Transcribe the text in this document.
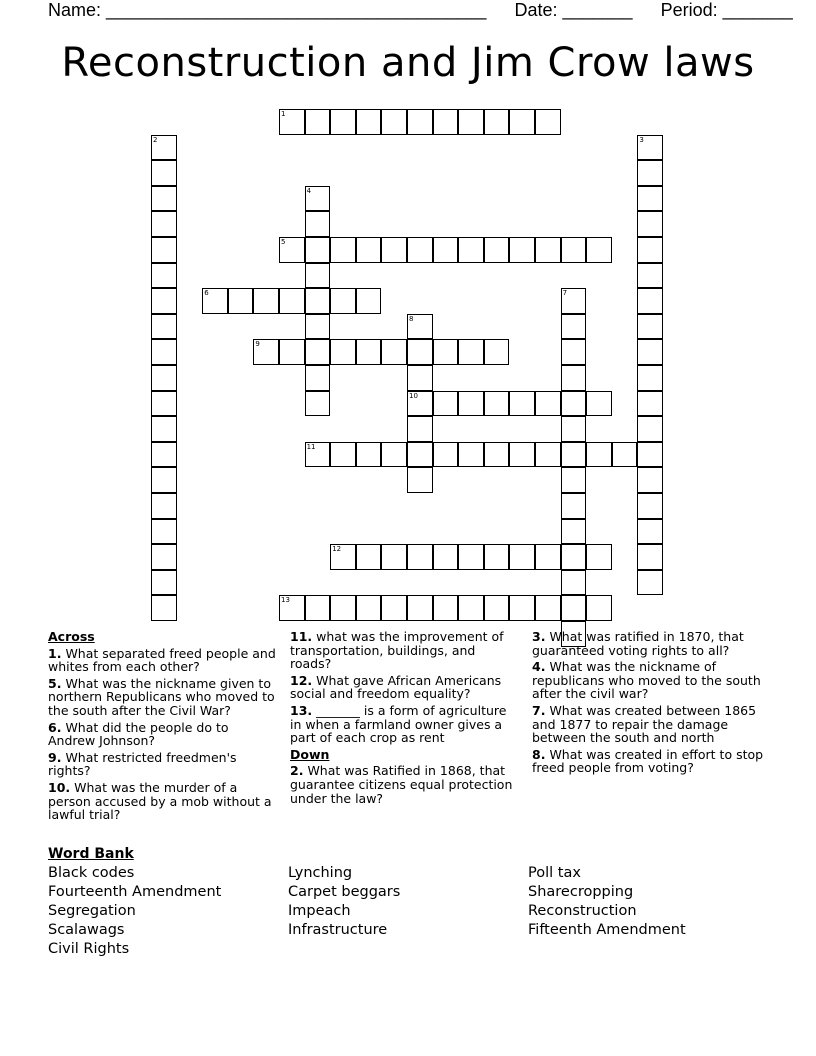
Name: ______________________________________ Date: _______ Period: _______
Reconstruction and Jim Crow laws
1
2	3
4
5
6	7
8
10
9
11
12
13
Across
1. What separated freed people and whites from each other?
5. What was the nickname given to northern Republicans who moved to the south after the Civil War?
6. What did the people do to Andrew Johnson?
9. What restricted freedmen's rights?
10. What was the murder of a person accused by a mob without a lawful trial?
11. what was the improvement of transportation, buildings, and roads?
12. What gave African Americans social and freedom equality?
13. _______ is a form of agriculture in when a farmland owner gives a part of each crop as rent
Down
2. What was Ratified in 1868, that guarantee citizens equal protection under the law?
3. What was ratified in 1870, that guaranteed voting rights to all?
4. What was the nickname of republicans who moved to the south after the civil war?
7. What was created between 1865 and 1877 to repair the damage between the south and north
8. What was created in effort to stop freed people from voting?
Word Bank
Black codes
Fourteenth Amendment
Segregation
Scalawags
Civil Rights
Lynching
Carpet beggars
Impeach
Infrastructure
Poll tax
Sharecropping
Reconstruction
Fifteenth Amendment
